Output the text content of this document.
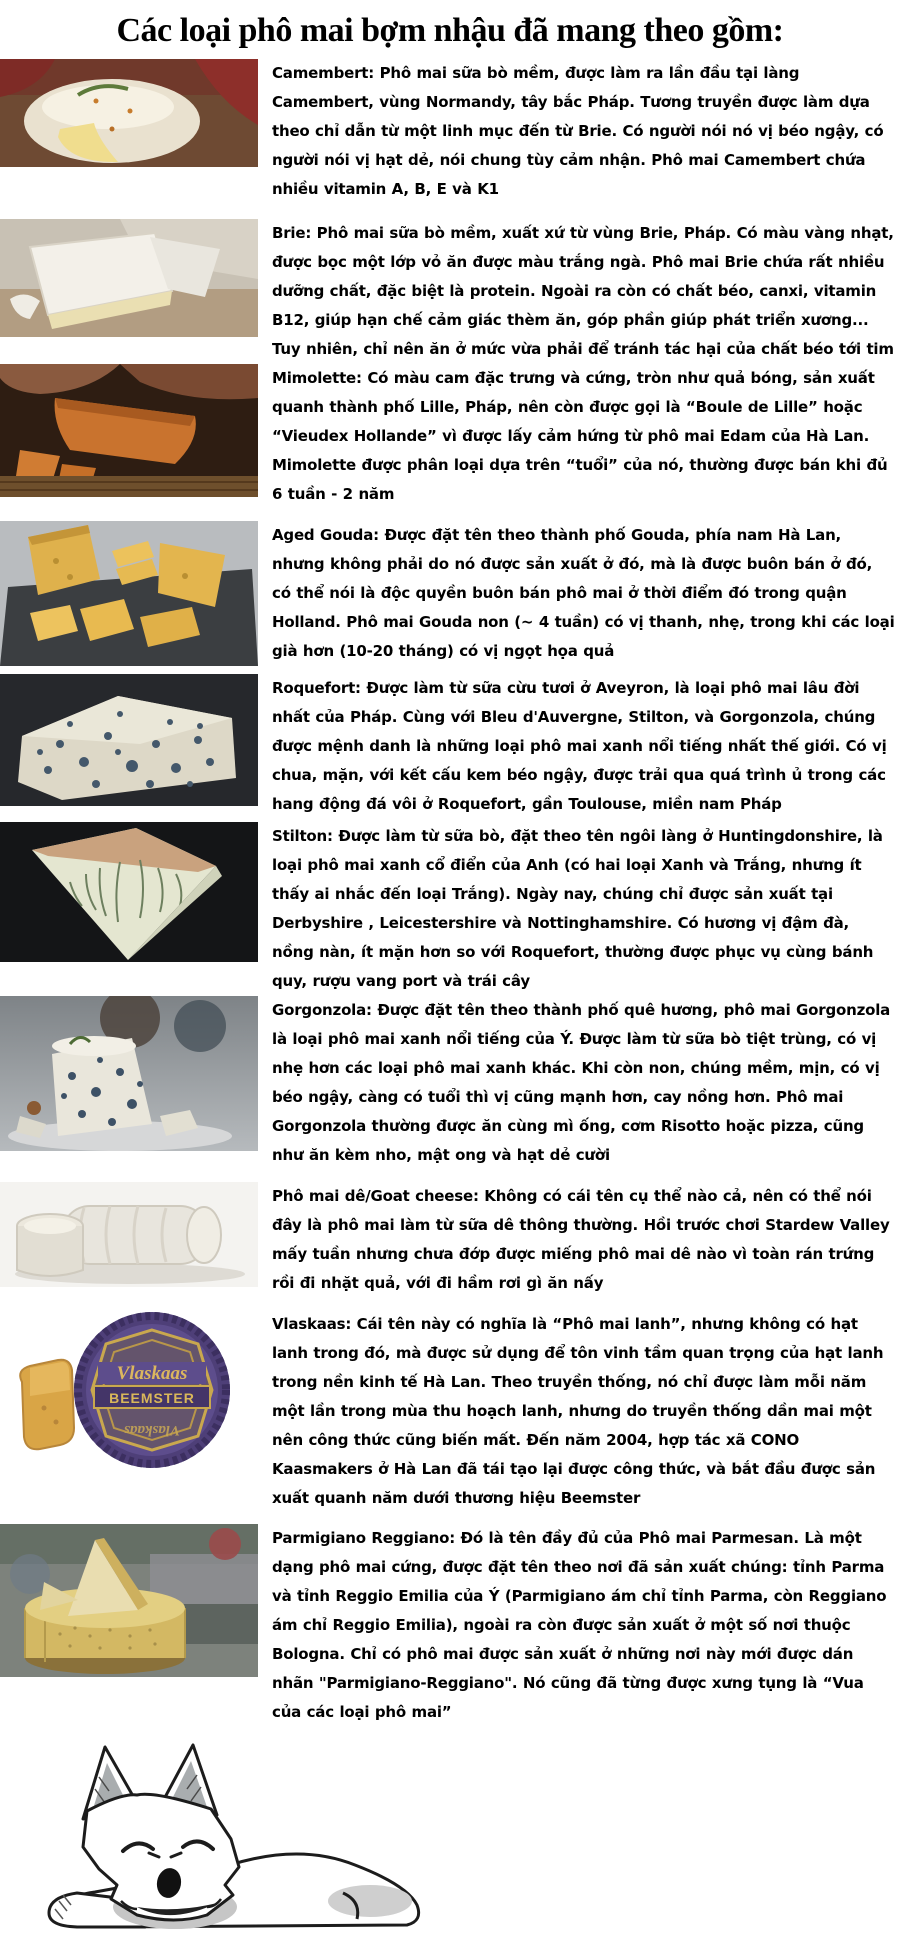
Các loại phô mai bợm nhậu đã mang theo gồm:

Camembert: Phô mai sữa bò mềm, được làm ra lần đầu tại làng Camembert, vùng Normandy, tây bắc Pháp. Tương truyền được làm dựa theo chỉ dẫn từ một linh mục đến từ Brie. Có người nói nó vị béo ngậy, có người nói vị hạt dẻ, nói chung tùy cảm nhận. Phô mai Camembert chứa nhiều vitamin A, B, E và K1

Brie: Phô mai sữa bò mềm, xuất xứ từ vùng Brie, Pháp. Có màu vàng nhạt, được bọc một lớp vỏ ăn được màu trắng ngà. Phô mai Brie chứa rất nhiều dưỡng chất, đặc biệt là protein. Ngoài ra còn có chất béo, canxi, vitamin B12, giúp hạn chế cảm giác thèm ăn, góp phần giúp phát triển xương... Tuy nhiên, chỉ nên ăn ở mức vừa phải để tránh tác hại của chất béo tới tim

Mimolette: Có màu cam đặc trưng và cứng, tròn như quả bóng, sản xuất quanh thành phố Lille, Pháp, nên còn được gọi là “Boule de Lille” hoặc “Vieudex Hollande” vì được lấy cảm hứng từ phô mai Edam của Hà Lan. Mimolette được phân loại dựa trên “tuổi” của nó, thường được bán khi đủ 6 tuần - 2 năm

Aged Gouda: Được đặt tên theo thành phố Gouda, phía nam Hà Lan, nhưng không phải do nó được sản xuất ở đó, mà là được buôn bán ở đó, có thể nói là độc quyền buôn bán phô mai ở thời điểm đó trong quận Holland. Phô mai Gouda non (~ 4 tuần) có vị thanh, nhẹ, trong khi các loại già hơn (10-20 tháng) có vị ngọt họa quả

Roquefort: Được làm từ sữa cừu tươi ở Aveyron, là loại phô mai lâu đời nhất của Pháp. Cùng với Bleu d'Auvergne, Stilton, và Gorgonzola, chúng được mệnh danh là những loại phô mai xanh nổi tiếng nhất thế giới. Có vị chua, mặn, với kết cấu kem béo ngậy, được trải qua quá trình ủ trong các hang động đá vôi ở Roquefort, gần Toulouse, miền nam Pháp

Stilton: Được làm từ sữa bò, đặt theo tên ngôi làng ở Huntingdonshire, là loại phô mai xanh cổ điển của Anh (có hai loại Xanh và Trắng, nhưng ít thấy ai nhắc đến loại Trắng). Ngày nay, chúng chỉ được sản xuất tại Derbyshire , Leicestershire và Nottinghamshire. Có hương vị đậm đà, nồng nàn, ít mặn hơn so với Roquefort, thường được phục vụ cùng bánh quy, rượu vang port và trái cây

Gorgonzola: Được đặt tên theo thành phố quê hương, phô mai Gorgonzola là loại phô mai xanh nổi tiếng của Ý. Được làm từ sữa bò tiệt trùng, có vị nhẹ hơn các loại phô mai xanh khác. Khi còn non, chúng mềm, mịn, có vị béo ngậy, càng có tuổi thì vị cũng mạnh hơn, cay nồng hơn. Phô mai Gorgonzola thường được ăn cùng mì ống, cơm Risotto hoặc pizza, cũng như ăn kèm nho, mật ong và hạt dẻ cười

Phô mai dê/Goat cheese: Không có cái tên cụ thể nào cả, nên có thể nói đây là phô mai làm từ sữa dê thông thường. Hồi trước chơi Stardew Valley mấy tuần nhưng chưa đớp được miếng phô mai dê nào vì toàn rán trứng rồi đi nhặt quả, với đi hầm rơi gì ăn nấy

Vlaskaas
BEEMSTER
Vlaskaas

Vlaskaas: Cái tên này có nghĩa là “Phô mai lanh”, nhưng không có hạt lanh trong đó, mà được sử dụng để tôn vinh tầm quan trọng của hạt lanh trong nền kinh tế Hà Lan. Theo truyền thống, nó chỉ được làm mỗi năm một lần trong mùa thu hoạch lanh, nhưng do truyền thống dần mai một nên công thức cũng biến mất. Đến năm 2004, hợp tác xã CONO Kaasmakers ở Hà Lan đã tái tạo lại được công thức, và bắt đầu được sản xuất quanh năm dưới thương hiệu Beemster

Parmigiano Reggiano: Đó là tên đầy đủ của Phô mai Parmesan. Là một dạng phô mai cứng, được đặt tên theo nơi đã sản xuất chúng: tỉnh Parma và tỉnh Reggio Emilia của Ý (Parmigiano ám chỉ tỉnh Parma, còn Reggiano ám chỉ Reggio Emilia), ngoài ra còn được sản xuất ở một số nơi thuộc Bologna. Chỉ có phô mai được sản xuất ở những nơi này mới được dán nhãn "Parmigiano-Reggiano". Nó cũng đã từng được xưng tụng là “Vua của các loại phô mai”
